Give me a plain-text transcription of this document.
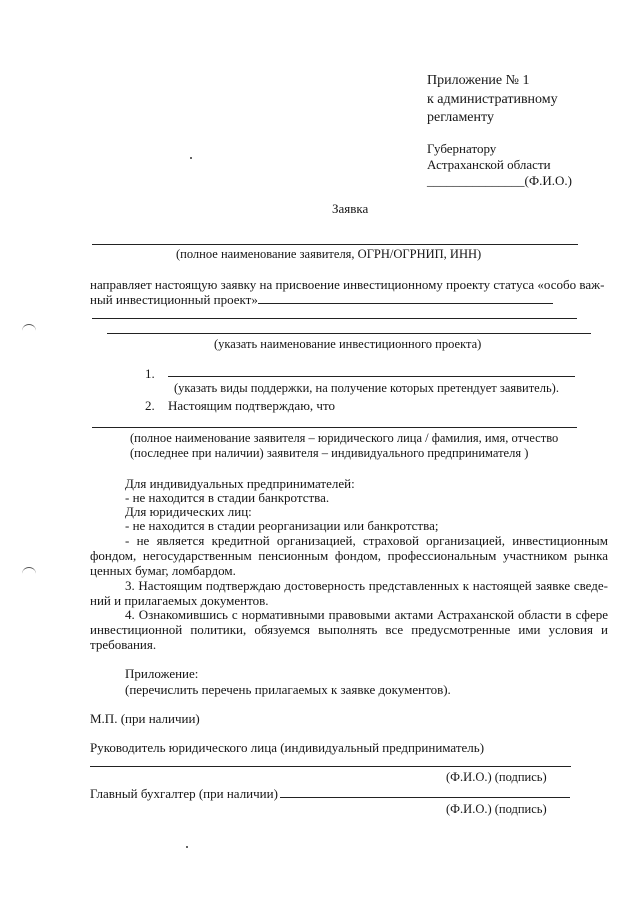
Приложение № 1
к административному
регламенту
Губернатору
Астраханской области
_______________(Ф.И.О.)
Заявка
(полное наименование заявителя, ОГРН/ОГРНИП, ИНН)
направляет настоящую заявку на присвоение инвестиционному проекту статуса «особо важ-
ный инвестиционный проект»
(указать наименование инвестиционного проекта)
1.
(указать виды поддержки, на получение которых претендует заявитель).
2. Настоящим подтверждаю, что
(полное наименование заявителя – юридического лица / фамилия, имя, отчество
(последнее при наличии) заявителя – индивидуального предпринимателя )
Для индивидуальных предпринимателей:
- не находится в стадии банкротства.
Для юридических лиц:
- не находится в стадии реорганизации или банкротства;
- не является кредитной организацией, страховой организацией, инвестиционным фондом, негосударственным пенсионным фондом, профессиональным участником рынка ценных бумаг, ломбардом.
3. Настоящим подтверждаю достоверность представленных к настоящей заявке сведе-ний и прилагаемых документов.
4. Ознакомившись с нормативными правовыми актами Астраханской области в сфере инвестиционной политики, обязуемся выполнять все предусмотренные ими условия и требования.
Приложение:
(перечислить перечень прилагаемых к заявке документов).
М.П. (при наличии)
Руководитель юридического лица (индивидуальный предприниматель)
(Ф.И.О.) (подпись)
Главный бухгалтер (при наличии)
(Ф.И.О.) (подпись)
